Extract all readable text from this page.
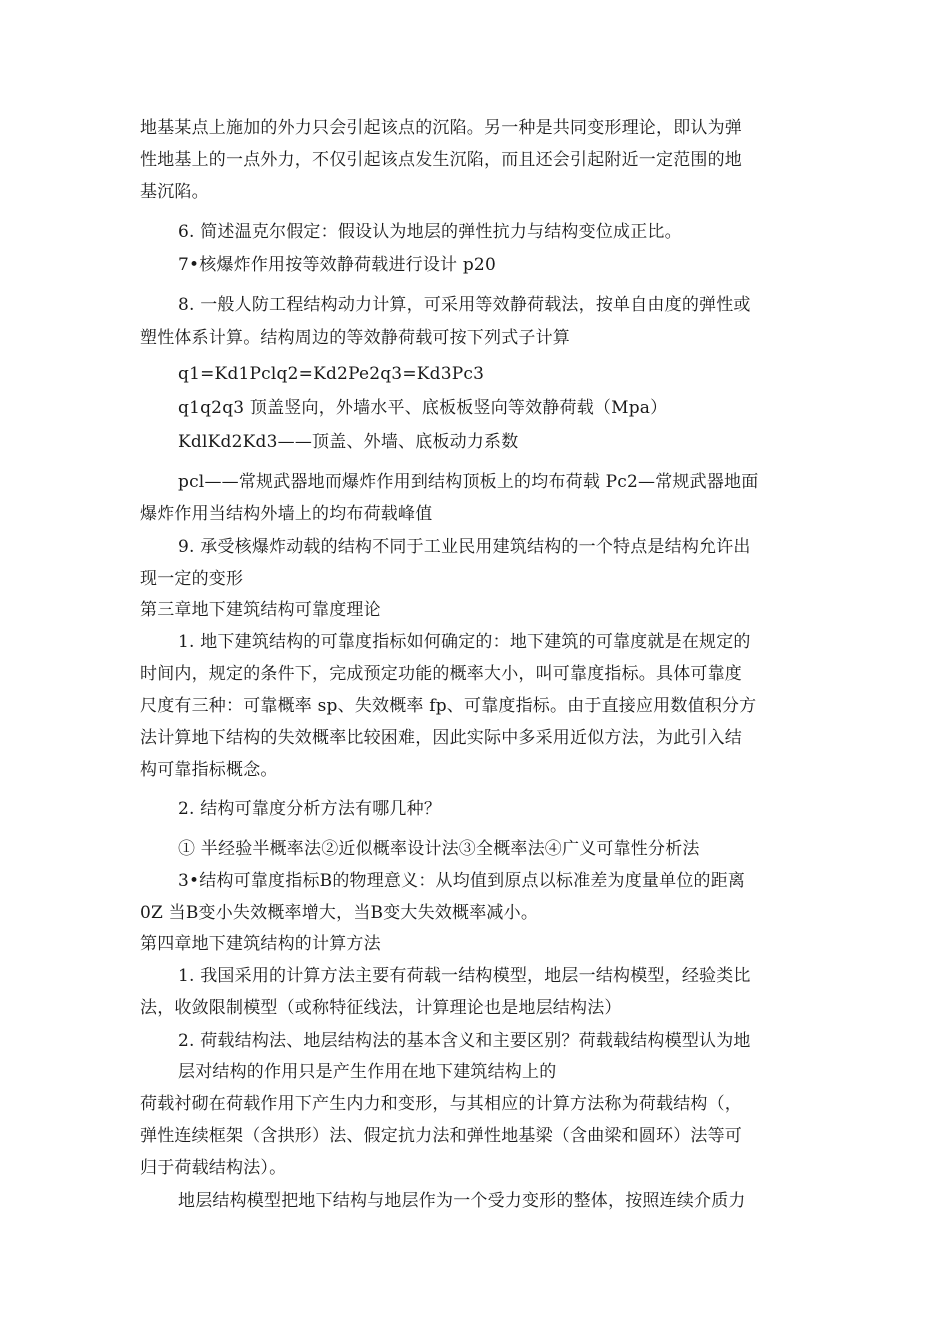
地基某点上施加的外力只会引起该点的沉陷。另一种是共同变形理论，即认为弹
性地基上的一点外力，不仅引起该点发生沉陷，而且还会引起附近一定范围的地
基沉陷。
6. 简述温克尔假定：假设认为地层的弹性抗力与结构变位成正比。
7•核爆炸作用按等效静荷载进行设计 p20
8. 一般人防工程结构动力计算，可采用等效静荷载法，按单自由度的弹性或
塑性体系计算。结构周边的等效静荷载可按下列式子计算
q1=Kd1Pclq2=Kd2Pe2q3=Kd3Pc3
q1q2q3 顶盖竖向，外墙水平、底板板竖向等效静荷载（Mpa）
KdlKd2Kd3——顶盖、外墙、底板动力系数
pcl——常规武器地而爆炸作用到结构顶板上的均布荷载 Pc2—常规武器地面
爆炸作用当结构外墙上的均布荷载峰值
9. 承受核爆炸动载的结构不同于工业民用建筑结构的一个特点是结构允许出
现一定的变形
第三章地下建筑结构可靠度理论
1. 地下建筑结构的可靠度指标如何确定的：地下建筑的可靠度就是在规定的
时间内，规定的条件下，完成预定功能的概率大小，叫可靠度指标。具体可靠度
尺度有三种：可靠概率 sp、失效概率 fp、可靠度指标。由于直接应用数值积分方
法计算地下结构的失效概率比较困难，因此实际中多采用近似方法，为此引入结
构可靠指标概念。
2. 结构可靠度分析方法有哪几种？
① 半经验半概率法②近似概率设计法③全概率法④广义可靠性分析法
3•结构可靠度指标Β的物理意义：从均值到原点以标准差为度量单位的距离
0Z 当Β变小失效概率增大，当Β变大失效概率减小。
第四章地下建筑结构的计算方法
1. 我国采用的计算方法主要有荷载一结构模型，地层一结构模型，经验类比
法，收敛限制模型（或称特征线法，计算理论也是地层结构法）
2. 荷载结构法、地层结构法的基本含义和主要区别？荷载载结构模型认为地
层对结构的作用只是产生作用在地下建筑结构上的
荷载衬砌在荷载作用下产生内力和变形，与其相应的计算方法称为荷载结构（，
弹性连续框架（含拱形）法、假定抗力法和弹性地基梁（含曲梁和圆环）法等可
归于荷载结构法）。
地层结构模型把地下结构与地层作为一个受力变形的整体，按照连续介质力
